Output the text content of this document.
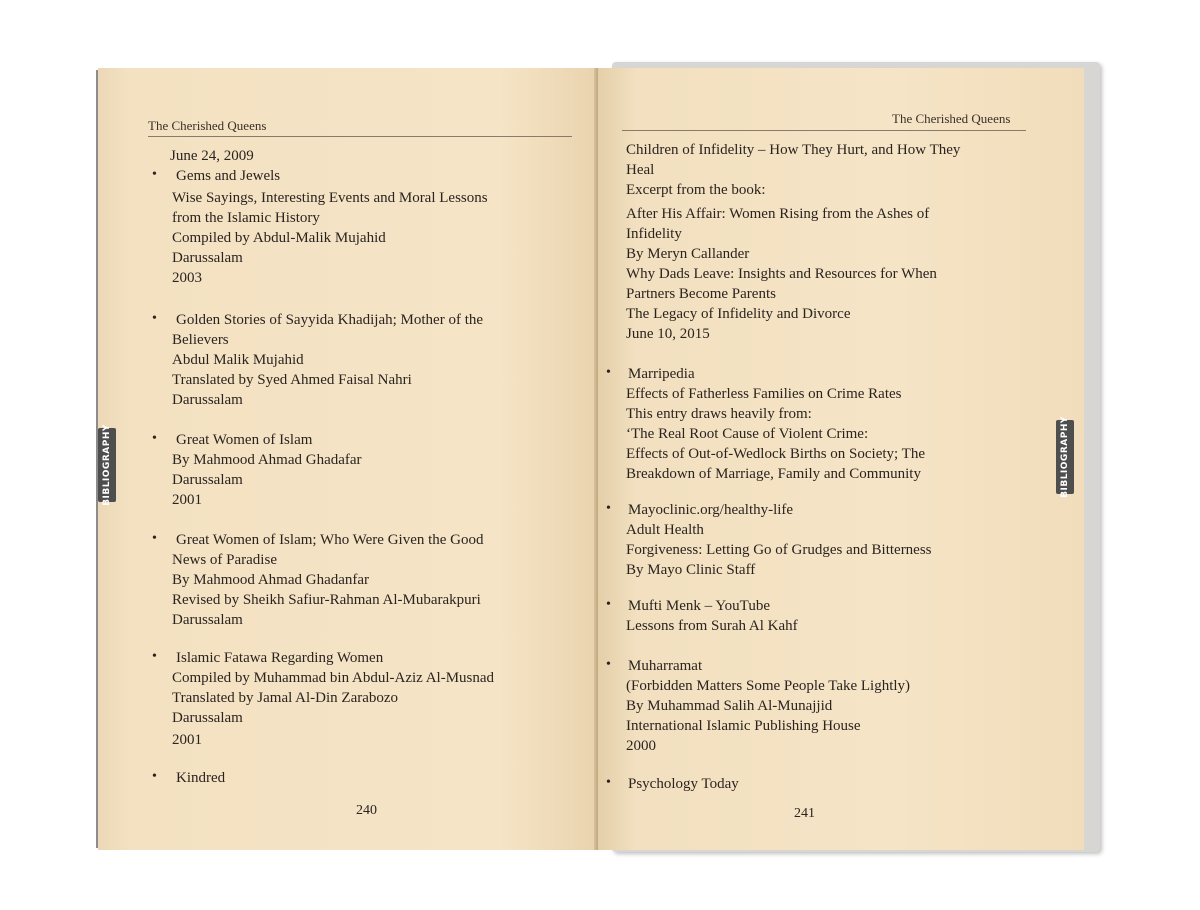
The Cherished Queens
June 24, 2009
• Gems and Jewels
Wise Sayings, Interesting Events and Moral Lessons
from the Islamic History
Compiled by Abdul-Malik Mujahid
Darussalam
2003
• Golden Stories of Sayyida Khadijah; Mother of the
Believers
Abdul Malik Mujahid
Translated by Syed Ahmed Faisal Nahri
Darussalam
• Great Women of Islam
By Mahmood Ahmad Ghadafar
Darussalam
2001
• Great Women of Islam; Who Were Given the Good
News of Paradise
By Mahmood Ahmad Ghadanfar
Revised by Sheikh Safiur-Rahman Al-Mubarakpuri
Darussalam
• Islamic Fatawa Regarding Women
Compiled by Muhammad bin Abdul-Aziz Al-Musnad
Translated by Jamal Al-Din Zarabozo
Darussalam
2001
• Kindred
240
The Cherished Queens
Children of Infidelity – How They Hurt, and How They
Heal
Excerpt from the book:
After His Affair: Women Rising from the Ashes of
Infidelity
By Meryn Callander
Why Dads Leave: Insights and Resources for When
Partners Become Parents
The Legacy of Infidelity and Divorce
June 10, 2015
• Marripedia
Effects of Fatherless Families on Crime Rates
This entry draws heavily from:
‘The Real Root Cause of Violent Crime:
Effects of Out-of-Wedlock Births on Society; The
Breakdown of Marriage, Family and Community
• Mayoclinic.org/healthy-life
Adult Health
Forgiveness: Letting Go of Grudges and Bitterness
By Mayo Clinic Staff
• Mufti Menk – YouTube
Lessons from Surah Al Kahf
• Muharramat
(Forbidden Matters Some People Take Lightly)
By Muhammad Salih Al-Munajjid
International Islamic Publishing House
2000
• Psychology Today
241
BIBLIOGRAPHY	BIBLIOGRAPHY
